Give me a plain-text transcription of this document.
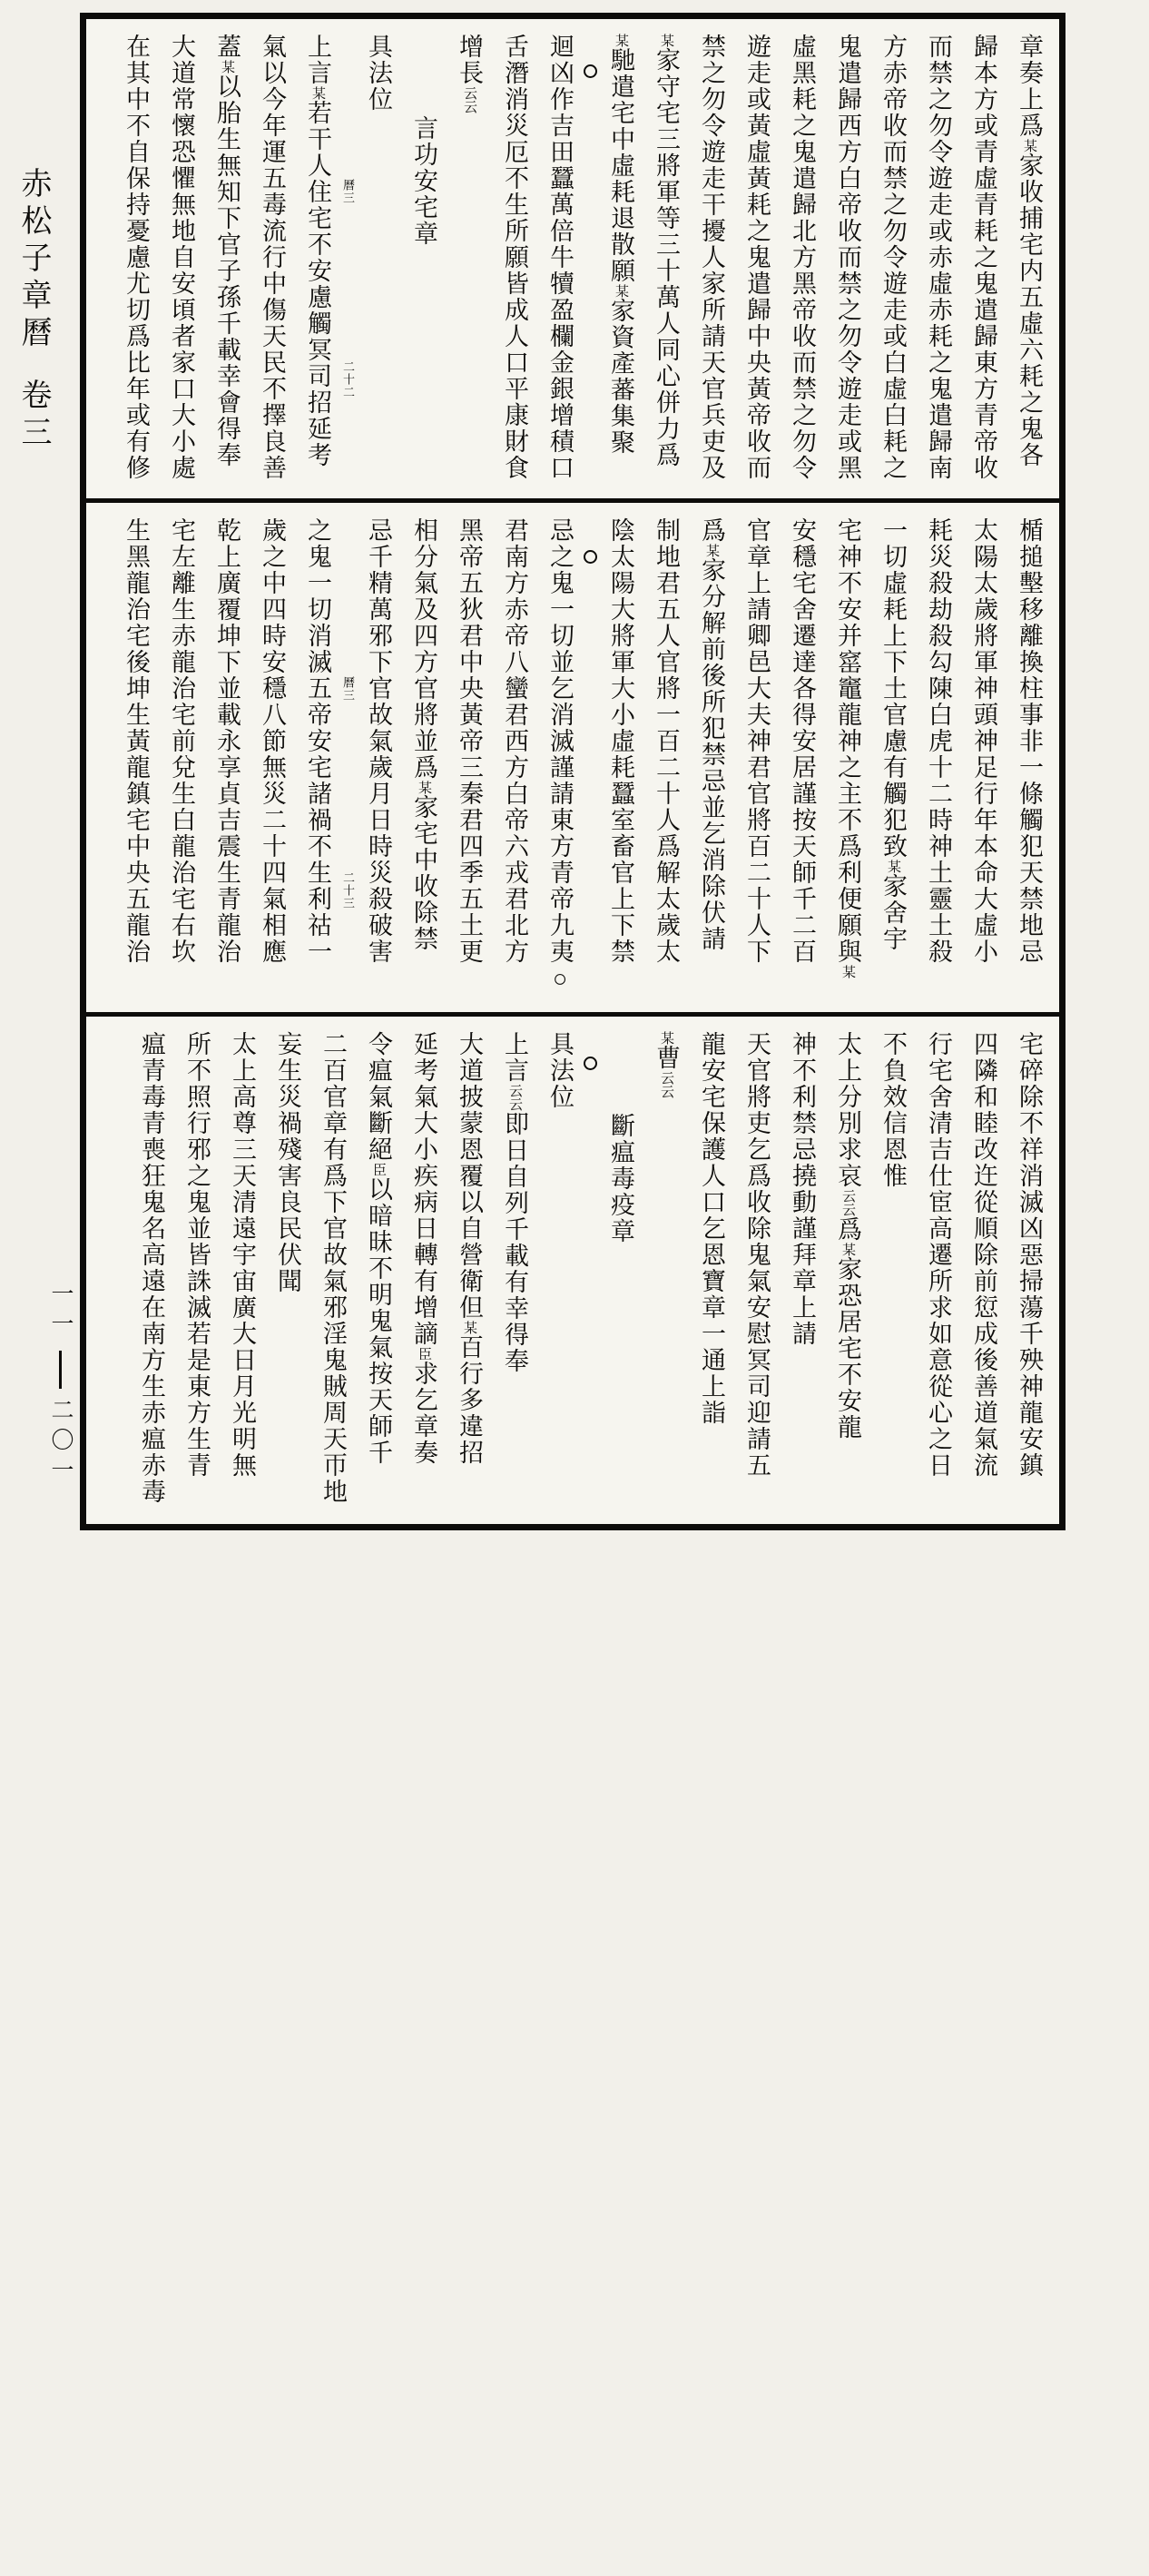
赤松子章曆卷三
一一
二〇一
章奏上爲某家收捕宅内五虛六耗之鬼各
歸本方或青虛青耗之鬼遣歸東方青帝收
而禁之勿令遊走或赤虛赤耗之鬼遣歸南
方赤帝收而禁之勿令遊走或白虛白耗之
鬼遣歸西方白帝收而禁之勿令遊走或黑
虛黑耗之鬼遣歸北方黑帝收而禁之勿令
遊走或黃虛黃耗之鬼遣歸中央黃帝收而
禁之勿令遊走干擾人家所請天官兵吏及
某家守宅三將軍等三十萬人同心併力爲
某馳遣宅中虛耗退散願某家資產蕃集聚
迴凶作吉田蠶萬倍牛犢盈欄金銀增積口
舌潛消災厄不生所願皆成人口平康財食
增長云云
言功安宅章
具法位
曆三
二十二
上言某若干人住宅不安慮觸冥司招延考
氣以今年運五毒流行中傷天民不擇良善
蓋某以胎生無知下官子孫千載幸會得奉
大道常懷恐懼無地自安頃者家口大小處
在其中不自保持憂慮尤切爲比年或有修
楯搥墼移離換柱事非一條觸犯天禁地忌
太陽太歲將軍神頭神足行年本命大虛小
耗災殺劫殺勾陳白虎十二時神土靈土殺
一切虛耗上下土官慮有觸犯致某家舍宇
宅神不安并窰竈龍神之主不爲利便願與某
安穩宅舍遷達各得安居謹按天師千二百
官章上請卿邑大夫神君官將百二十人下
爲某家分解前後所犯禁忌並乞消除伏請
制地君五人官將一百二十人爲解太歲太
陰太陽大將軍大小虛耗蠶室畜官上下禁
忌之鬼一切並乞消滅謹請東方青帝九夷○
君南方赤帝八蠻君西方白帝六戎君北方
黑帝五狄君中央黃帝三秦君四季五土更
相分氣及四方官將並爲某家宅中收除禁
忌千精萬邪下官故氣歲月日時災殺破害
曆三
二十三
之鬼一切消滅五帝安宅諸禍不生利祜一
歲之中四時安穩八節無災二十四氣相應
乾上廣覆坤下並載永享貞吉震生青龍治
宅左離生赤龍治宅前兌生白龍治宅右坎
生黑龍治宅後坤生黃龍鎮宅中央五龍治
宅碎除不祥消滅凶惡掃蕩千殃神龍安鎮
四隣和睦改迕從順除前愆成後善道氣流
行宅舍清吉仕宦高遷所求如意從心之日
不負效信恩惟
太上分別求哀云云爲某家恐居宅不安龍
神不利禁忌撓動謹拜章上請
天官將吏乞爲收除鬼氣安慰冥司迎請五
龍安宅保護人口乞恩寶章一通上詣
某曹云云
斷瘟毒疫章
具法位
上言云云即日自列千載有幸得奉
大道披蒙恩覆以自營衛但某百行多違招
延考氣大小疾病日轉有增謫臣求乞章奏
令瘟氣斷絕臣以暗昧不明鬼氣按天師千
二百官章有爲下官故氣邪淫鬼賊周天帀地
妄生災禍殘害良民伏聞
太上高尊三天清遠宇宙廣大日月光明無
所不照行邪之鬼並皆誅滅若是東方生青
瘟青毒青喪狂鬼名高遠在南方生赤瘟赤毒
